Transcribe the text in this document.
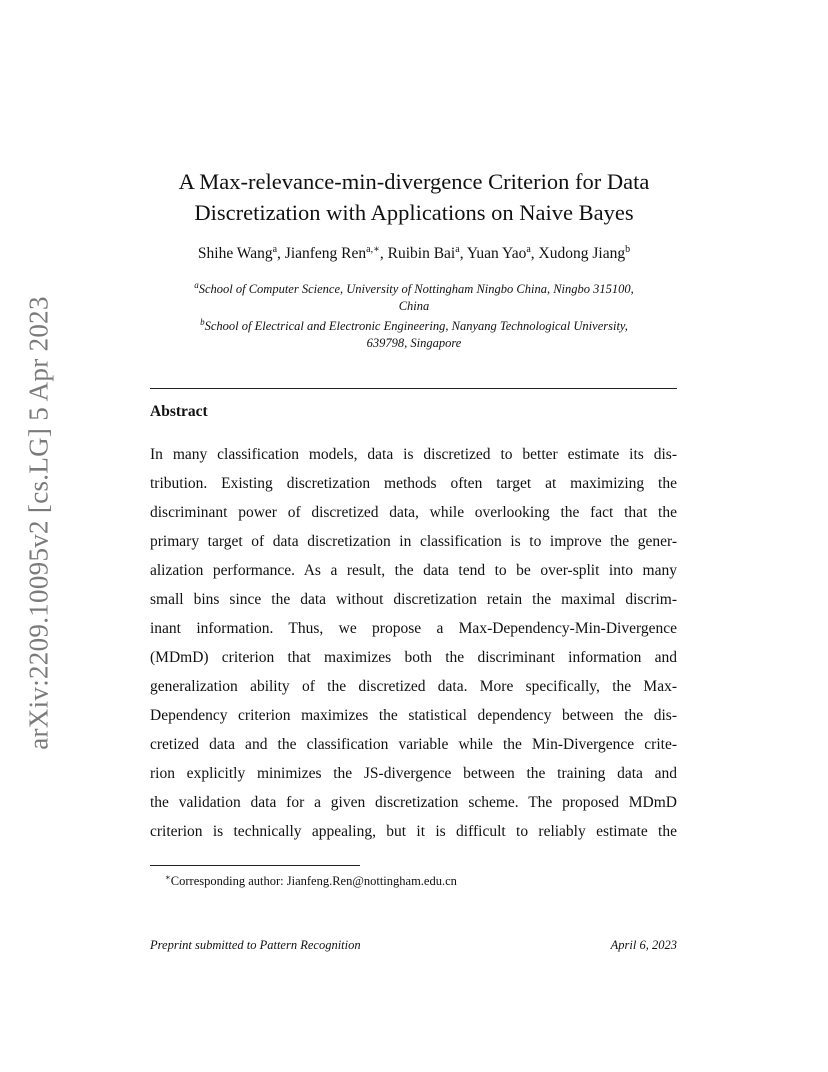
arXiv:2209.10095v2 [cs.LG] 5 Apr 2023
A Max-relevance-min-divergence Criterion for Data
Discretization with Applications on Naive Bayes
Shihe Wang$^a$, Jianfeng Ren$^{a,∗}$, Ruibin Bai$^a$, Yuan Yao$^a$, Xudong Jiang$^b$
$^a$School of Computer Science, University of Nottingham Ningbo China, Ningbo 315100,
China
$^b$School of Electrical and Electronic Engineering, Nanyang Technological University,
639798, Singapore
Abstract
In many classification models, data is discretized to better estimate its dis-
tribution. Existing discretization methods often target at maximizing the
discriminant power of discretized data, while overlooking the fact that the
primary target of data discretization in classification is to improve the gener-
alization performance. As a result, the data tend to be over-split into many
small bins since the data without discretization retain the maximal discrim-
inant information. Thus, we propose a Max-Dependency-Min-Divergence
(MDmD) criterion that maximizes both the discriminant information and
generalization ability of the discretized data. More specifically, the Max-
Dependency criterion maximizes the statistical dependency between the dis-
cretized data and the classification variable while the Min-Divergence crite-
rion explicitly minimizes the JS-divergence between the training data and
the validation data for a given discretization scheme. The proposed MDmD
criterion is technically appealing, but it is difficult to reliably estimate the
∗Corresponding author: Jianfeng.Ren@nottingham.edu.cn
Preprint submitted to Pattern Recognition	April 6, 2023
